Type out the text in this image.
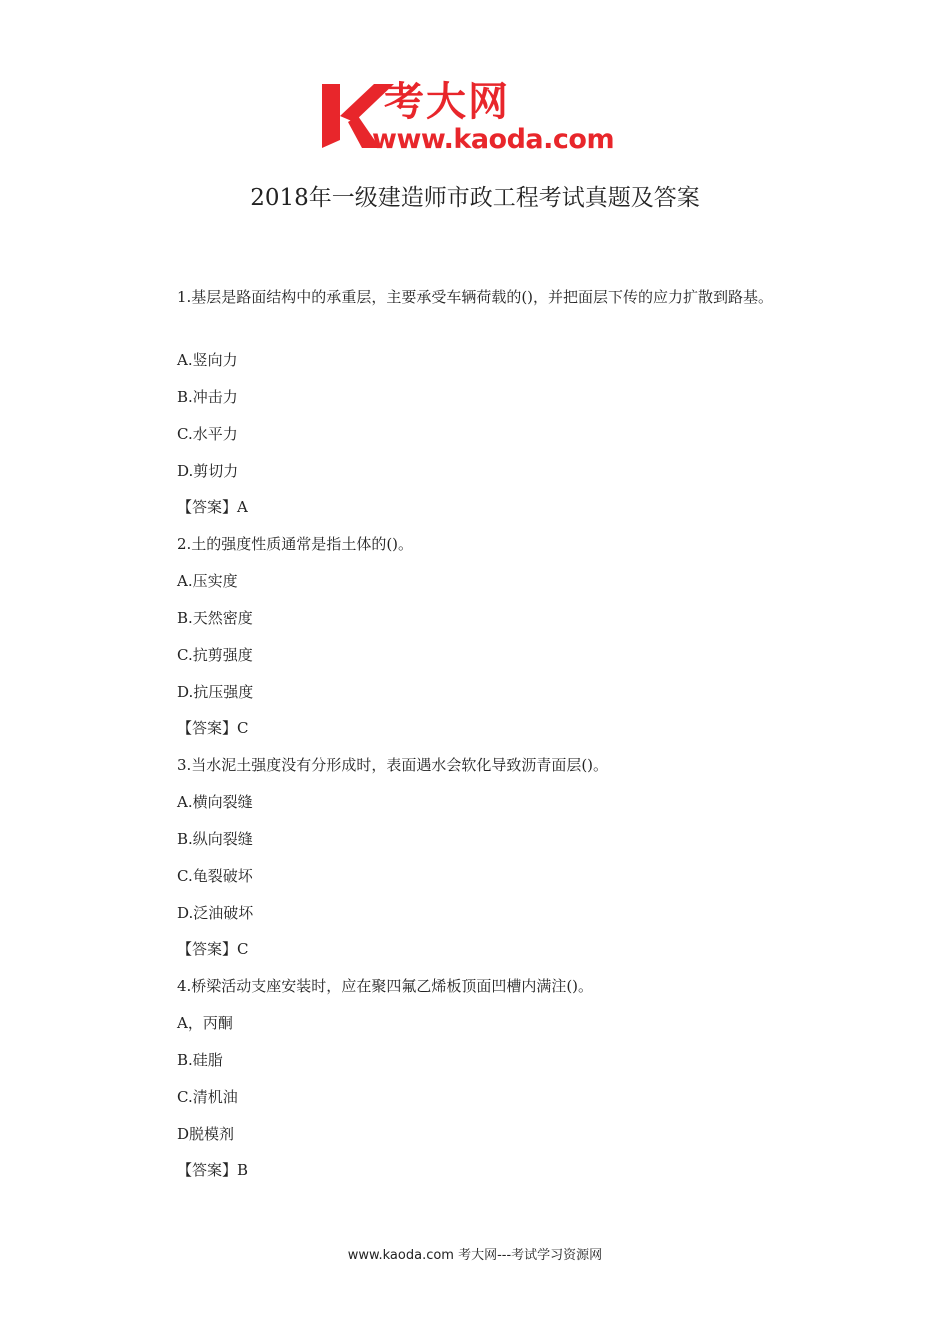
考大网
www.kaoda.com
2018年一级建造师市政工程考试真题及答案
1.基层是路面结构中的承重层，主要承受车辆荷载的()，并把面层下传的应力扩散到路基。
A.竖向力
B.冲击力
C.水平力
D.剪切力
【答案】A
2.土的强度性质通常是指土体的()。
A.压实度
B.天然密度
C.抗剪强度
D.抗压强度
【答案】C
3.当水泥土强度没有分形成时，表面遇水会软化导致沥青面层()。
A.横向裂缝
B.纵向裂缝
C.龟裂破坏
D.泛油破坏
【答案】C
4.桥梁活动支座安装时，应在聚四氟乙烯板顶面凹槽内满注()。
A，丙酮
B.硅脂
C.清机油
D脱模剂
【答案】B
www.kaoda.com 考大网---考试学习资源网
